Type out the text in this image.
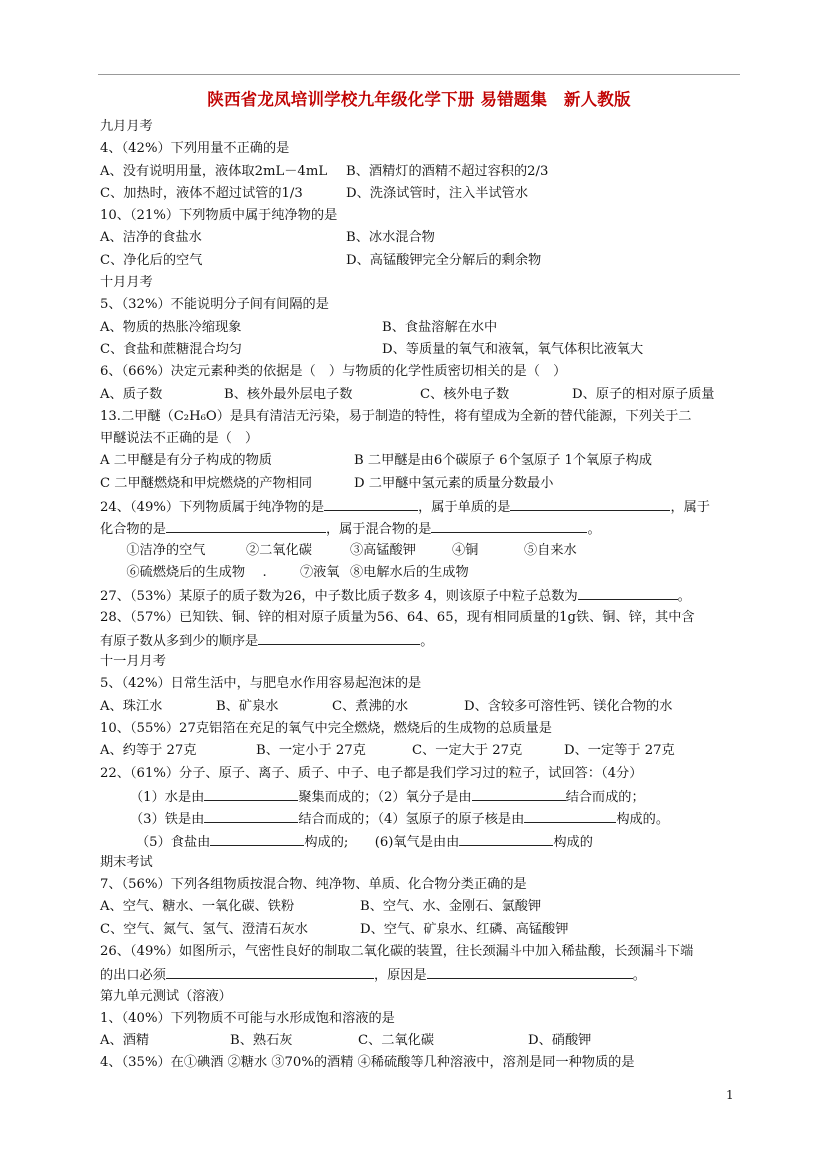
陕西省龙凤培训学校九年级化学下册 易错题集　新人教版
九月月考
4、（42%）下列用量不正确的是
A、没有说明用量，液体取2mL－4mL B、酒精灯的酒精不超过容积的2/3
C、加热时，液体不超过试管的1/3	D、洗涤试管时，注入半试管水
10、（21%）下列物质中属于纯净物的是
A、洁净的食盐水	B、冰水混合物
C、净化后的空气	D、高锰酸钾完全分解后的剩余物
十月月考
5、（32%）不能说明分子间有间隔的是
A、物质的热胀冷缩现象	B、食盐溶解在水中
C、食盐和蔗糖混合均匀	D、等质量的氧气和液氧，氧气体积比液氧大
6、（66%）决定元素种类的依据是（　）与物质的化学性质密切相关的是（　）
A、质子数	B、核外最外层电子数	C、核外电子数	D、原子的相对原子质量
13.二甲醚（C₂H₆O）是具有清洁无污染，易于制造的特性，将有望成为全新的替代能源，下列关于二
甲醚说法不正确的是（　）
A 二甲醚是有分子构成的物质	B 二甲醚是由6个碳原子 6个氢原子 1个氧原子构成
C 二甲醚燃烧和甲烷燃烧的产物相同	D 二甲醚中氢元素的质量分数最小
24、（49%）下列物质属于纯净物的是	，属于单质的是	，属于
化合物的是	，属于混合物的是	。
　　①洁净的空气	②二氧化碳	③高锰酸钾	④铜	⑤自来水
　　⑥硫燃烧后的生成物　 .	⑦液氧 ⑧电解水后的生成物
27、（53%）某原子的质子数为26，中子数比质子数多 4，则该原子中粒子总数为	。
28、（57%）已知铁、铜、锌的相对原子质量为56、64、65，现有相同质量的1g铁、铜、锌，其中含
有原子数从多到少的顺序是	。
十一月月考
5、（42%）日常生活中，与肥皂水作用容易起泡沫的是
A、珠江水	B、矿泉水	C、煮沸的水	D、含较多可溶性钙、镁化合物的水
10、（55%）27克铝箔在充足的氧气中完全燃烧，燃烧后的生成物的总质量是
A、约等于 27克	B、一定小于 27克	C、一定大于 27克	D、一定等于 27克
22、（61%）分子、原子、离子、质子、中子、电子都是我们学习过的粒子，试回答：（4分）
（1）水是由	聚集而成的；（2）氧分子是由	结合而成的；
（3）铁是由	结合而成的；（4）氢原子的原子核是由	构成的。
（5）食盐由	构成的;　　(6)氧气是由由	构成的
期末考试
7、（56%）下列各组物质按混合物、纯净物、单质、化合物分类正确的是
A、空气、糖水、一氧化碳、铁粉	B、空气、水、金刚石、氯酸钾
C、空气、氮气、氢气、澄清石灰水	D、空气、矿泉水、红磷、高锰酸钾
26、（49%）如图所示，气密性良好的制取二氧化碳的装置，往长颈漏斗中加入稀盐酸，长颈漏斗下端
的出口必须	，原因是	。
第九单元测试（溶液）
1、（40%）下列物质不可能与水形成饱和溶液的是
A、酒精	B、熟石灰	C、二氧化碳	D、硝酸钾
4、（35%）在①碘酒 ②糖水 ③70%的酒精 ④稀硫酸等几种溶液中，溶剂是同一种物质的是
1
